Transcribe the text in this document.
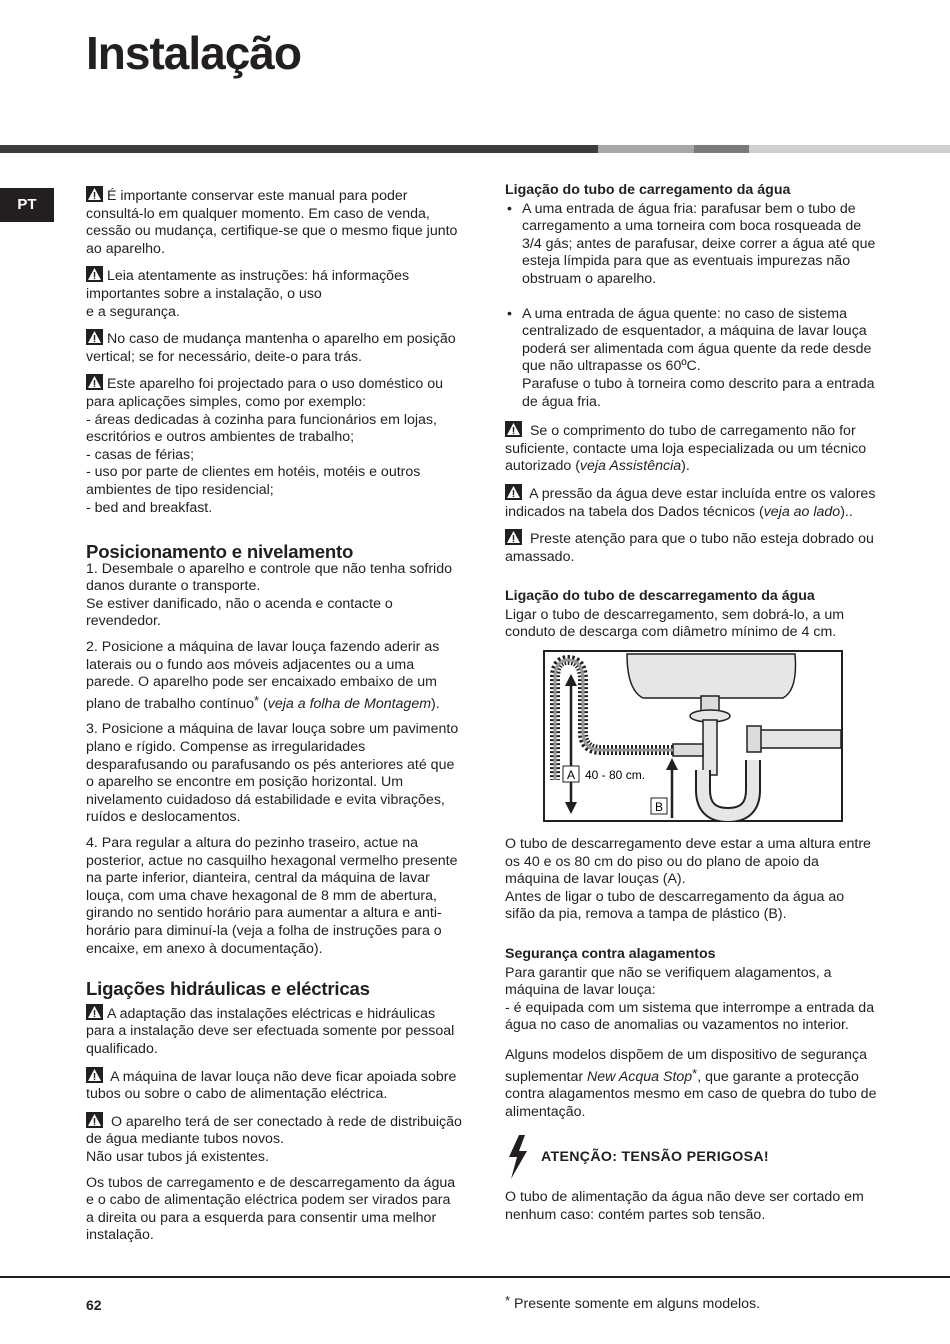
Instalação
PT	É importante conservar este manual para poder consultá-lo em qualquer momento. Em caso de venda, cessão ou mudança, certifique-se que o mesmo fique junto ao aparelho.

Leia atentamente as instruções: há informações importantes sobre a instalação, o uso
e a segurança.

No caso de mudança mantenha o aparelho em posição vertical; se for necessário, deite-o para trás.

Este aparelho foi projectado para o uso doméstico ou para aplicações simples, como por exemplo:
- áreas dedicadas à cozinha para funcionários em lojas, escritórios e outros ambientes de trabalho;
- casas de férias;
- uso por parte de clientes em hotéis, motéis e outros ambientes de tipo residencial;
- bed and breakfast.

Posicionamento e nivelamento

1. Desembale o aparelho e controle que não tenha sofrido danos durante o transporte.
Se estiver danificado, não o acenda e contacte o revendedor.

2. Posicione a máquina de lavar louça fazendo aderir as laterais ou o fundo aos móveis adjacentes ou a uma parede. O aparelho pode ser encaixado embaixo de um plano de trabalho contínuo* (veja a folha de Montagem).

3. Posicione a máquina de lavar louça sobre um pavimento plano e rígido. Compense as irregularidades desparafusando ou parafusando os pés anteriores até que o aparelho se encontre em posição horizontal. Um nivelamento cuidadoso dá estabilidade e evita vibrações, ruídos e deslocamentos.

4. Para regular a altura do pezinho traseiro, actue na posterior, actue no casquilho hexagonal vermelho presente na parte inferior, dianteira, central da máquina de lavar louça, com uma chave hexagonal de 8 mm de abertura, girando no sentido horário para aumentar a altura e anti-horário para diminuí-la (veja a folha de instruções para o encaixe, em anexo à documentação).

Ligações hidráulicas e eléctricas

A adaptação das instalações eléctricas e hidráulicas para a instalação deve ser efectuada somente por pessoal qualificado.

A máquina de lavar louça não deve ficar apoiada sobre tubos ou sobre o cabo de alimentação eléctrica.

O aparelho terá de ser conectado à rede de distribuição de água mediante tubos novos.
Não usar tubos já existentes.

Os tubos de carregamento e de descarregamento da água e o cabo de alimentação eléctrica podem ser virados para a direita ou para a esquerda para consentir uma melhor instalação.

Ligação do tubo de carregamento da água
• A uma entrada de água fria: parafusar bem o tubo de carregamento a uma torneira com boca rosqueada de 3/4 gás; antes de parafusar, deixe correr a água até que esteja límpida para que as eventuais impurezas não obstruam o aparelho.
• A uma entrada de água quente: no caso de sistema centralizado de esquentador, a máquina de lavar louça poderá ser alimentada com água quente da rede desde que não ultrapasse os 60ºC.
Parafuse o tubo à torneira como descrito para a entrada de água fria.

Se o comprimento do tubo de carregamento não for suficiente, contacte uma loja especializada ou um técnico autorizado (veja Assistência).

A pressão da água deve estar incluída entre os valores indicados na tabela dos Dados técnicos (veja ao lado)..

Preste atenção para que o tubo não esteja dobrado ou amassado.

Ligação do tubo de descarregamento da água

Ligar o tubo de descarregamento, sem dobrá-lo, a um conduto de descarga com diâmetro mínimo de 4 cm.

A 40 - 80 cm.
B

O tubo de descarregamento deve estar a uma altura entre os 40 e os 80 cm do piso ou do plano de apoio da máquina de lavar louças (A).
Antes de ligar o tubo de descarregamento da água ao sifão da pia, remova a tampa de plástico (B).

Segurança contra alagamentos

Para garantir que não se verifiquem alagamentos, a máquina de lavar louça:
- é equipada com um sistema que interrompe a entrada da água no caso de anomalias ou vazamentos no interior.

Alguns modelos dispõem de um dispositivo de segurança suplementar New Acqua Stop*, que garante a protecção contra alagamentos mesmo em caso de quebra do tubo de alimentação.

ATENÇÃO: TENSÃO PERIGOSA!

O tubo de alimentação da água não deve ser cortado em nenhum caso: contém partes sob tensão.

62	* Presente somente em alguns modelos.
